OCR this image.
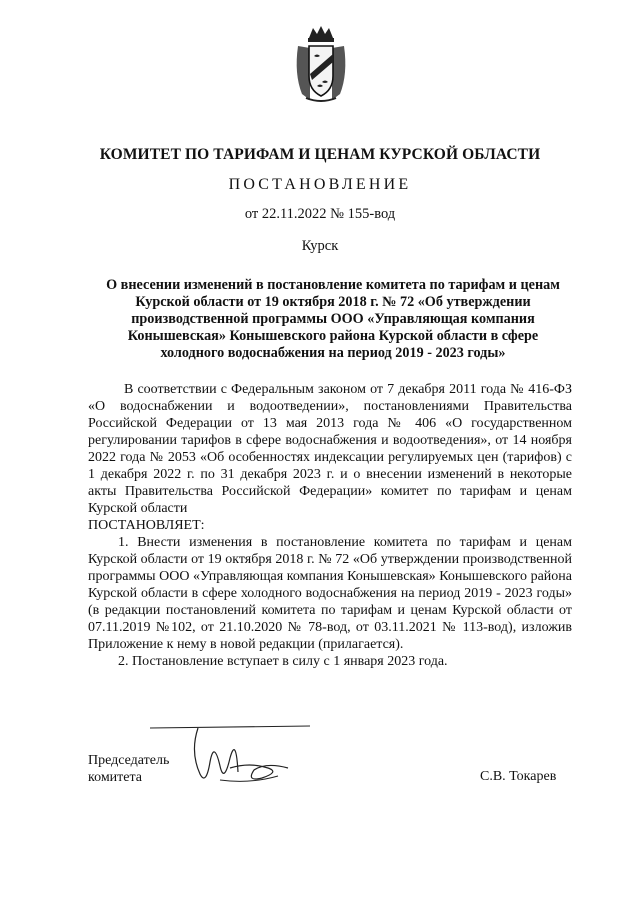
КОМИТЕТ ПО ТАРИФАМ И ЦЕНАМ КУРСКОЙ ОБЛАСТИ
ПОСТАНОВЛЕНИЕ
от 22.11.2022 № 155-вод
Курск
О внесении изменений в постановление комитета по тарифам и ценам
Курской области от 19 октября 2018 г. № 72 «Об утверждении
производственной программы ООО «Управляющая компания
Конышевская» Конышевского района Курской области в сфере
холодного водоснабжения на период 2019 - 2023 годы»
В соответствии с Федеральным законом от 7 декабря 2011 года № 416-ФЗ «О водоснабжении и водоотведении», постановлениями Правительства Российской Федерации от 13 мая 2013 года № 406 «О государственном регулировании тарифов в сфере водоснабжения и водоотведения», от 14 ноября 2022 года № 2053 «Об особенностях индексации регулируемых цен (тарифов) с 1 декабря 2022 г. по 31 декабря 2023 г. и о внесении изменений в некоторые акты Правительства Российской Федерации» комитет по тарифам и ценам Курской области
ПОСТАНОВЛЯЕТ:
1. Внести изменения в постановление комитета по тарифам и ценам Курской области от 19 октября 2018 г. № 72 «Об утверждении производственной программы ООО «Управляющая компания Конышевская» Конышевского района Курской области в сфере холодного водоснабжения на период 2019 - 2023 годы» (в редакции постановлений комитета по тарифам и ценам Курской области от 07.11.2019 №102, от 21.10.2020 № 78-вод, от 03.11.2021 № 113-вод), изложив Приложение к нему в новой редакции (прилагается).
2. Постановление вступает в силу с 1 января 2023 года.
Председатель
комитета	С.В. Токарев
